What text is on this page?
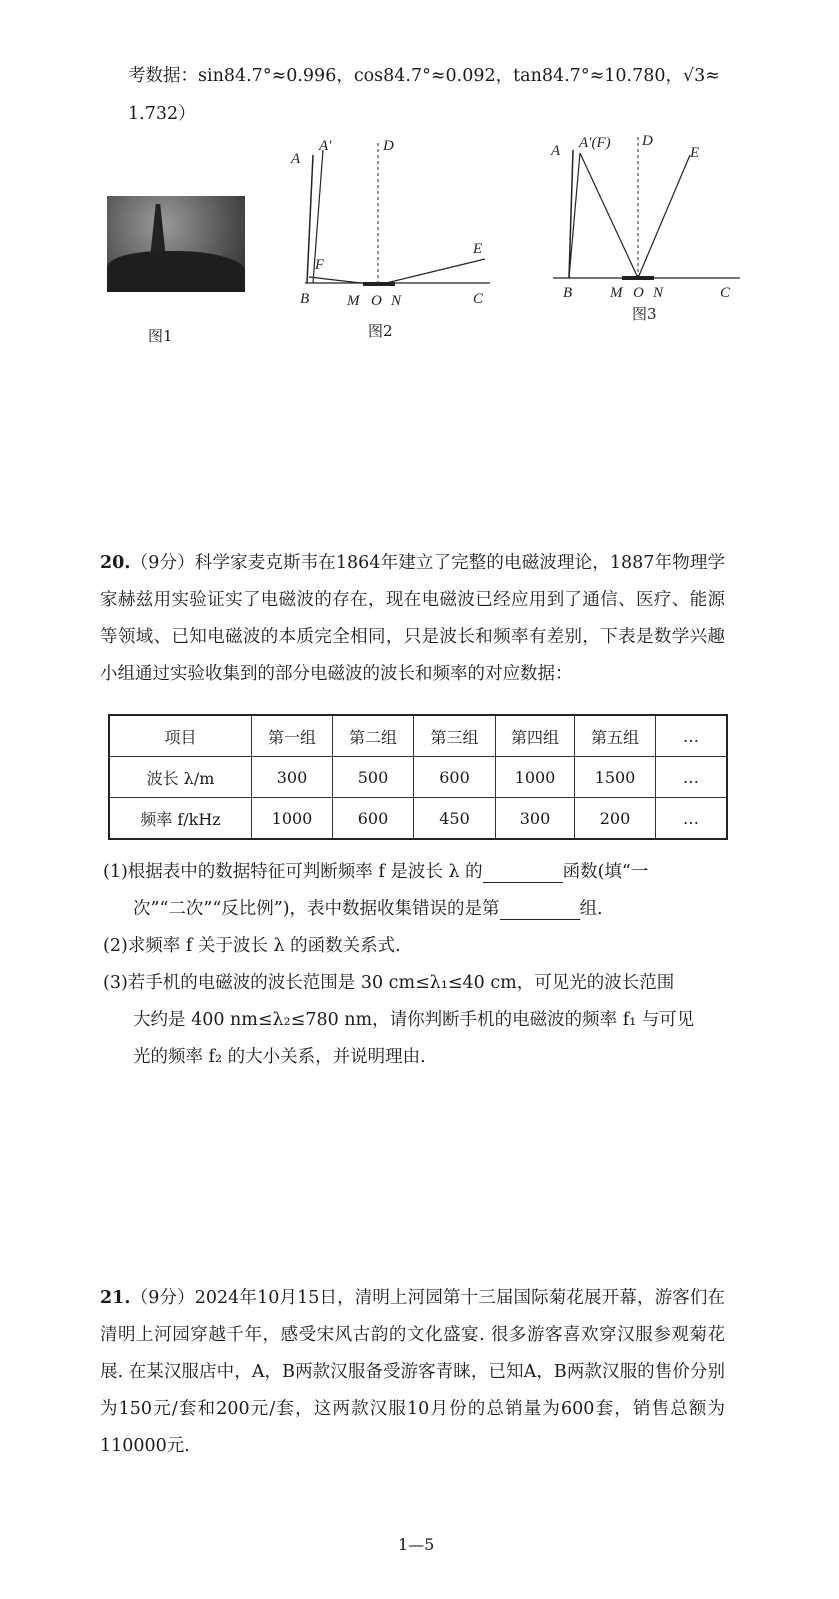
考数据：sin84.7°≈0.996，cos84.7°≈0.092，tan84.7°≈10.780，√3≈
1.732）
图1
A
A′	D
F
E
B	M O N	C
图2
A A′(F) D
E
B	M O N	C
图3
20.（9分）科学家麦克斯韦在1864年建立了完整的电磁波理论，1887年物理学家赫兹用实验证实了电磁波的存在，现在电磁波已经应用到了通信、医疗、能源等领域、已知电磁波的本质完全相同，只是波长和频率有差别，下表是数学兴趣小组通过实验收集到的部分电磁波的波长和频率的对应数据：
项目	第一组	第二组	第三组	第四组	第五组	…
波长 λ/m	300	500	600	1000	1500	…
频率 f/kHz	1000	600	450	300	200	…
(1)根据表中的数据特征可判断频率 f 是波长 λ 的	函数(填“一
次”“二次”“反比例”)，表中数据收集错误的是第	组.
(2)求频率 f 关于波长 λ 的函数关系式.
(3)若手机的电磁波的波长范围是 30 cm≤λ₁≤40 cm，可见光的波长范围
大约是 400 nm≤λ₂≤780 nm，请你判断手机的电磁波的频率 f₁ 与可见
光的频率 f₂ 的大小关系，并说明理由.
21.（9分）2024年10月15日，清明上河园第十三届国际菊花展开幕，游客们在清明上河园穿越千年，感受宋风古韵的文化盛宴. 很多游客喜欢穿汉服参观菊花展. 在某汉服店中，A，B两款汉服备受游客青睐，已知A，B两款汉服的售价分别为150元/套和200元/套，这两款汉服10月份的总销量为600套，销售总额为110000元.
1—5
